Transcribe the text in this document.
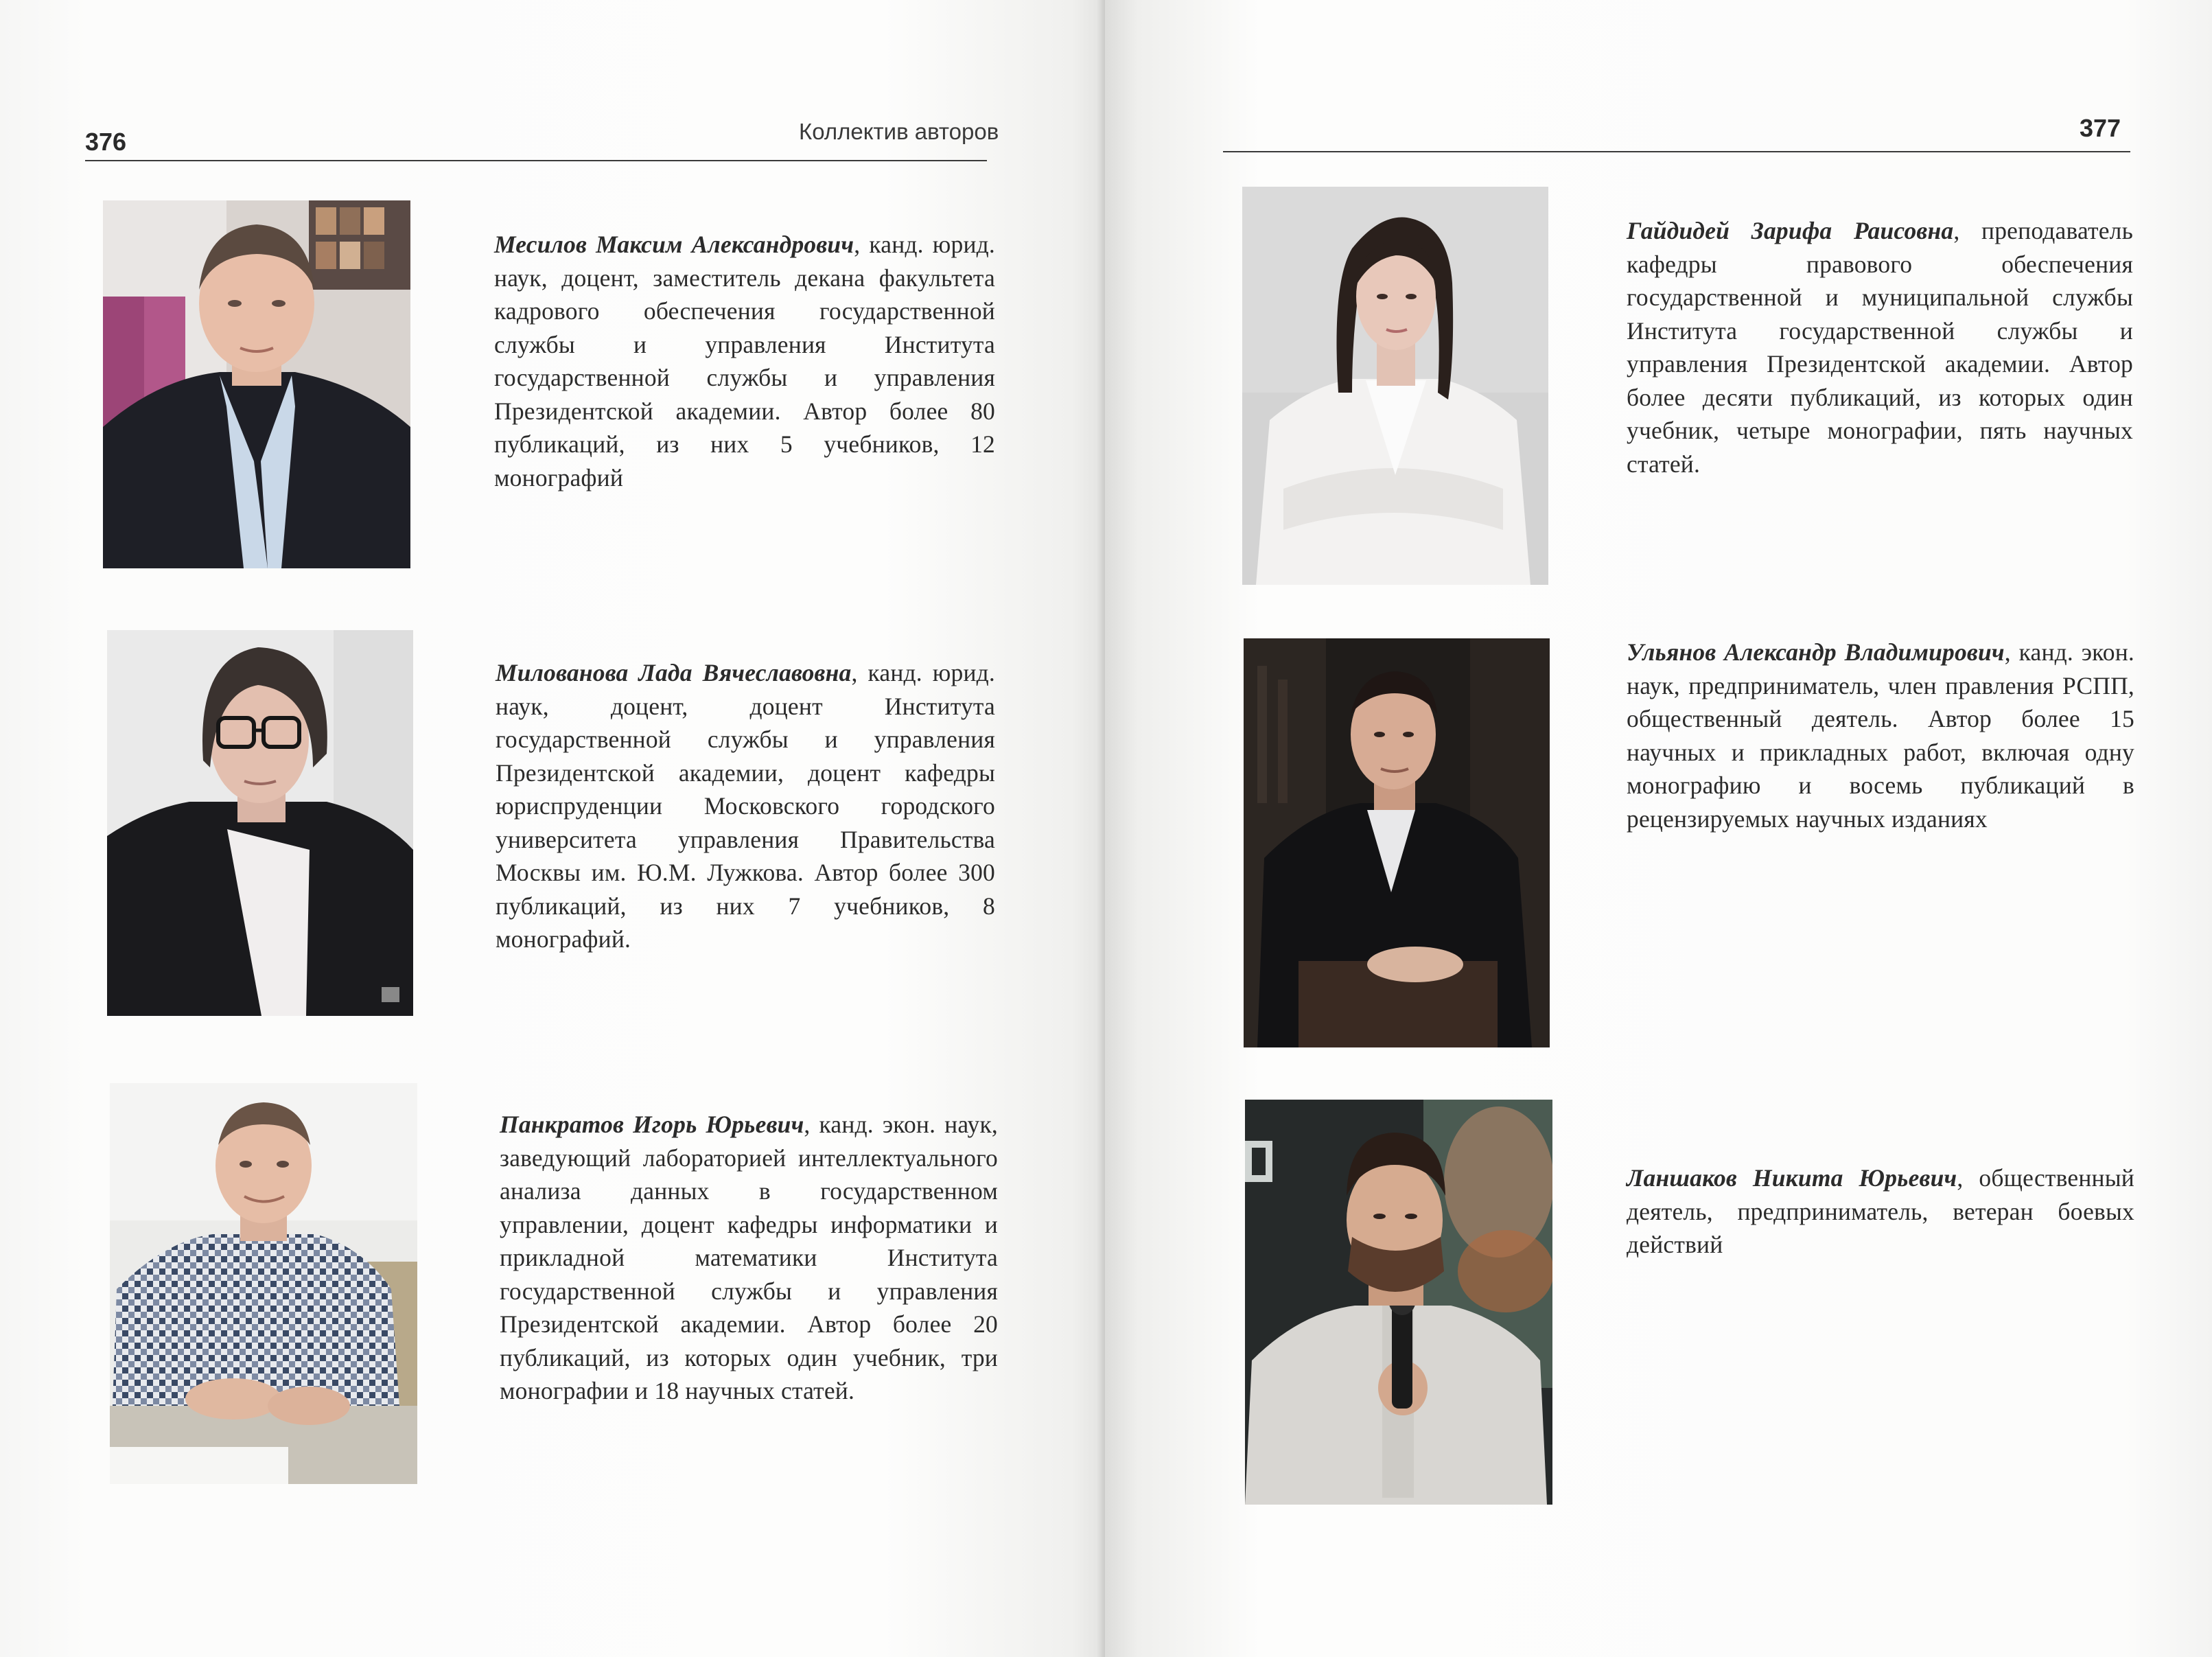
376	Коллектив авторов
Месилов Максим Александрович, канд. юрид. наук, доцент, заместитель декана факультета кадрового обеспечения государственной службы и управления Института государственной службы и управления Президентской академии. Автор более 80 публикаций, из них 5 учебников, 12 монографий
Милованова Лада Вячеславовна, канд. юрид. наук, доцент, доцент Института государственной службы и управления Президентской академии, доцент кафедры юриспруденции Московского городского университета управления Правительства Москвы им. Ю.М. Лужкова. Автор более 300 публикаций, из них 7 учебников, 8 монографий.
Панкратов Игорь Юрьевич, канд. экон. наук, заведующий лабораторией интеллектуального анализа данных в государственном управлении, доцент кафедры информатики и прикладной математики Института государственной службы и управления Президентской академии. Автор более 20 публикаций, из которых один учебник, три монографии и 18 научных статей.
377
Гайдидей Зарифа Раисовна, преподаватель кафедры правового обеспечения государственной и муниципальной службы Института государственной службы и управления Президентской академии. Автор более десяти публикаций, из которых один учебник, четыре монографии, пять научных статей.
Ульянов Александр Владимирович, канд. экон. наук, предприниматель, член правления РСПП, общественный деятель. Автор более 15 научных и прикладных работ, включая одну монографию и восемь публикаций в рецензируемых научных изданиях
Ланшаков Никита Юрьевич, общественный деятель, предприниматель, ветеран боевых действий
